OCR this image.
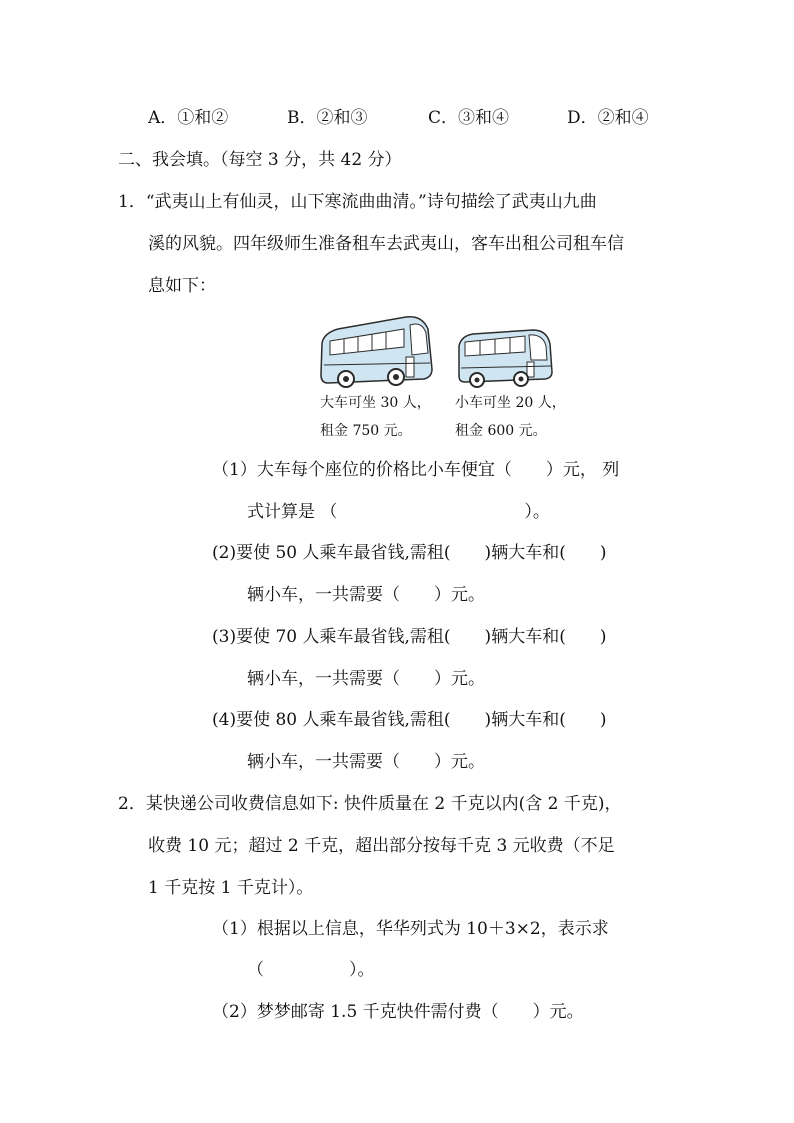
A．①和②	B．②和③	C．③和④	D．②和④
二、我会填。（每空 3 分，共 42 分）
1．“武夷山上有仙灵，山下寒流曲曲清。”诗句描绘了武夷山九曲
溪的风貌。四年级师生准备租车去武夷山，客车出租公司租车信
息如下：
大车可坐 30 人，
租金 750 元。
小车可坐 20 人，
租金 600 元。
（1）大车每个座位的价格比小车便宜（　　）元， 列
式计算是 （　　　　　　　　　　　）。
(2)要使 50 人乘车最省钱,需租(　　)辆大车和(　　)
辆小车，一共需要（　　）元。
(3)要使 70 人乘车最省钱,需租(　　)辆大车和(　　)
辆小车，一共需要（　　）元。
(4)要使 80 人乘车最省钱,需租(　　)辆大车和(　　)
辆小车，一共需要（　　）元。
2．某快递公司收费信息如下: 快件质量在 2 千克以内(含 2 千克)，
收费 10 元；超过 2 千克，超出部分按每千克 3 元收费（不足
1 千克按 1 千克计）。
（1）根据以上信息，华华列式为 10＋3×2，表示求
（　　　　　）。
（2）梦梦邮寄 1.5 千克快件需付费（　　）元。
